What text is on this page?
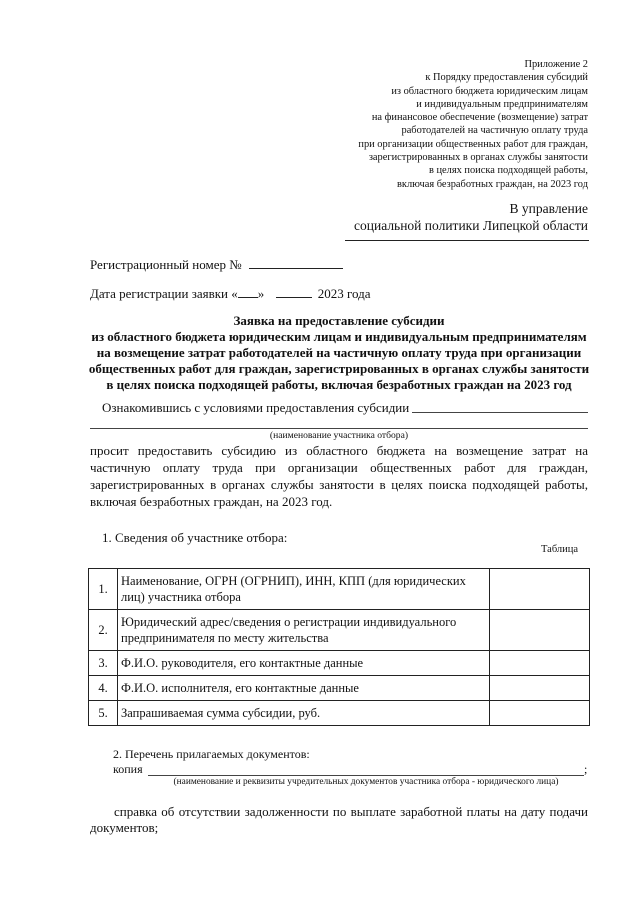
Приложение 2
к Порядку предоставления субсидий
из областного бюджета юридическим лицам
и индивидуальным предпринимателям
на финансовое обеспечение (возмещение) затрат
работодателей на частичную оплату труда
при организации общественных работ для граждан,
зарегистрированных в органах службы занятости
в целях поиска подходящей работы,
включая безработных граждан, на 2023 год
В управление
социальной политики Липецкой области
Регистрационный номер №
Дата регистрации заявки « »	2023 года
Заявка на предоставление субсидии
из областного бюджета юридическим лицам и индивидуальным предпринимателям
на возмещение затрат работодателей на частичную оплату труда при организации
общественных работ для граждан, зарегистрированных в органах службы занятости
в целях поиска подходящей работы, включая безработных граждан на 2023 год
Ознакомившись с условиями предоставления субсидии
(наименование участника отбора)
просит предоставить субсидию из областного бюджета на возмещение затрат на частичную оплату труда при организации общественных работ для граждан, зарегистрированных в органах службы занятости в целях поиска подходящей работы, включая безработных граждан, на 2023 год.
1. Сведения об участнике отбора:
Таблица
1.	Наименование, ОГРН (ОГРНИП), ИНН, КПП (для юридических лиц) участника отбора	
2.	Юридический адрес/сведения о регистрации индивидуального предпринимателя по месту жительства	
3.	Ф.И.О. руководителя, его контактные данные	
4.	Ф.И.О. исполнителя, его контактные данные	
5.	Запрашиваемая сумма субсидии, руб.	
2. Перечень прилагаемых документов:
копия	;
(наименование и реквизиты учредительных документов участника отбора - юридического лица)
справка об отсутствии задолженности по выплате заработной платы на дату подачи документов;
